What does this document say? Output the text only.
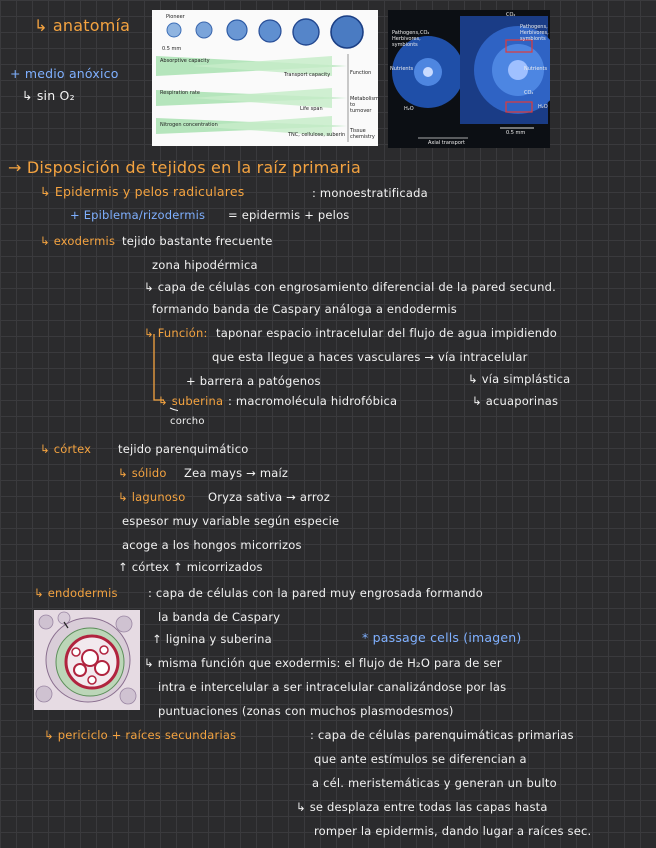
↳ anatomía
+ medio anóxico
↳ sin O₂
Pioneer
0.5 mm
Absorptive capacity
Respiration rate
Nitrogen concentration
Transport capacity
Life span
TNC, cellulose, suberin
Function
Metabolism to turnover
Tissue chemistry
Pathogens, Herbivores, symbionts
Nutrients	Nutrients
Pathogens, Herbivores, symbionts
H₂O	H₂O
CO₂
CO₂
CO₂
0.5 mm
Axial transport
→ Disposición de tejidos en la raíz primaria
↳ Epidermis y pelos radiculares	: monoestratificada
+ Epiblema/rizodermis = epidermis + pelos
↳ exodermis tejido bastante frecuente
zona hipodérmica
↳ capa de células con engrosamiento diferencial de la pared secund.
formando banda de Caspary análoga a endodermis
↳ Función: taponar espacio intracelular del flujo de agua impidiendo
que esta llegue a haces vasculares → vía intracelular
+ barrera a patógenos	↳ vía simplástica
↳ suberina : macromolécula hidrofóbica	↳ acuaporinas
corcho
↳ córtex tejido parenquimático
↳ sólido Zea mays → maíz
↳ lagunoso Oryza sativa → arroz
espesor muy variable según especie
acoge a los hongos micorrizos
↑ córtex ↑ micorrizados
↳ endodermis	: capa de células con la pared muy engrosada formando
la banda de Caspary
↑ lignina y suberina	* passage cells (imagen)
↳ misma función que exodermis: el flujo de H₂O para de ser
intra e intercelular a ser intracelular canalizándose por las
puntuaciones (zonas con muchos plasmodesmos)
↳ periciclo + raíces secundarias	: capa de células parenquimáticas primarias
que ante estímulos se diferencian a
a cél. meristemáticas y generan un bulto
↳ se desplaza entre todas las capas hasta
romper la epidermis, dando lugar a raíces sec.
